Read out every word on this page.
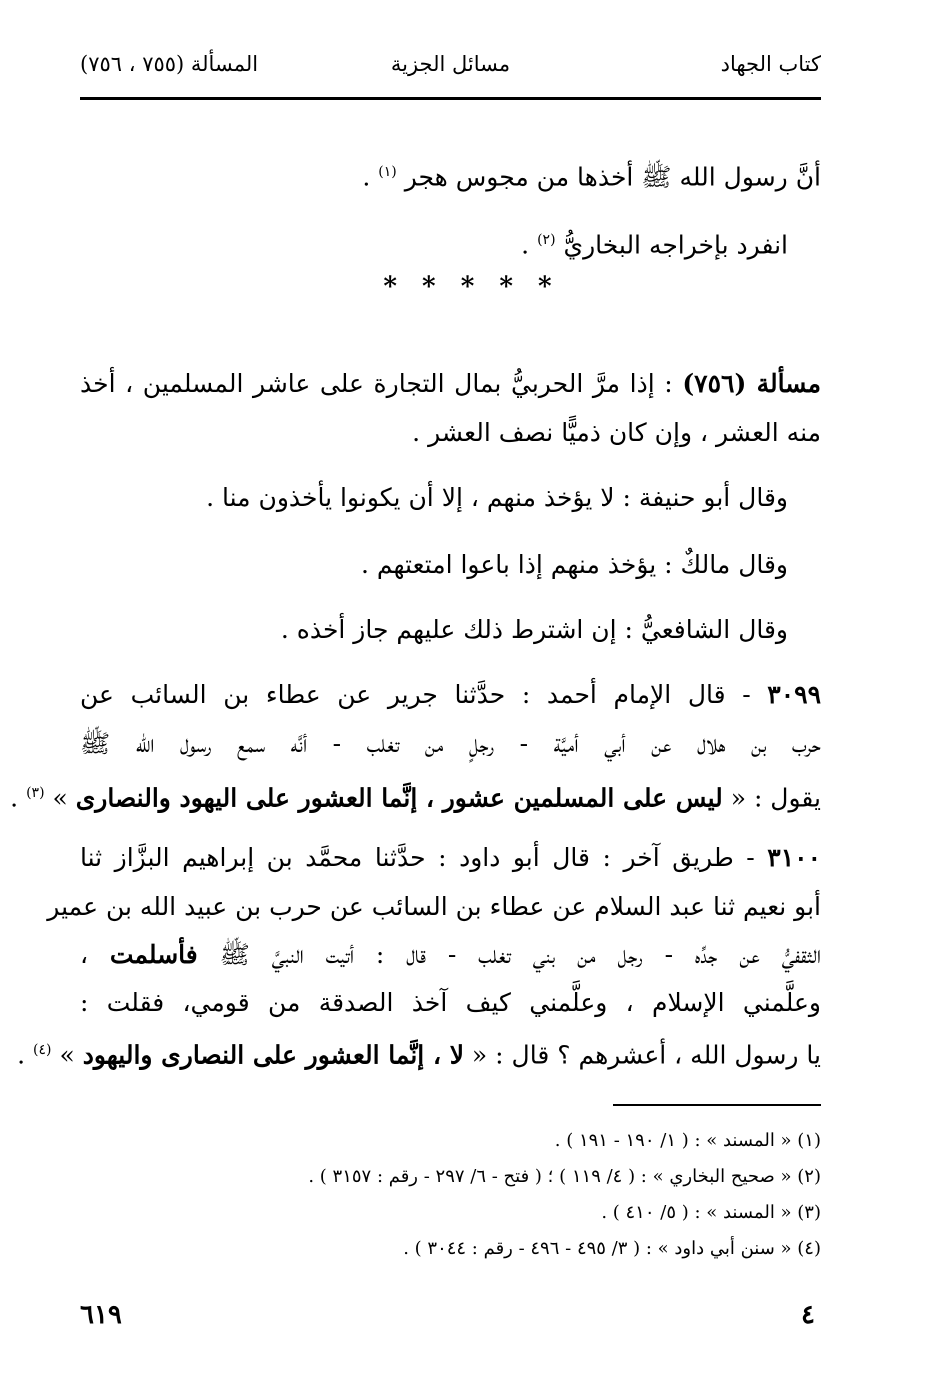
كتاب الجهاد
مسائل الجزية
المسألة (٧٥٥ ، ٧٥٦)
أنَّ رسول الله ﷺ أخذها من مجوس هجر $^{(١)}$ .
انفرد بإخراجه البخاريُّ $^{(٢)}$ .
* * * * *
مسألة (٧٥٦) : إذا مرَّ الحربيُّ بمال التجارة على عاشر المسلمين ، أخذ
منه العشر ، وإن كان ذميًّا نصف العشر .
وقال أبو حنيفة : لا يؤخذ منهم ، إلا أن يكونوا يأخذون منا .
وقال مالكٌ : يؤخذ منهم إذا باعوا امتعتهم .
وقال الشافعيُّ : إن اشترط ذلك عليهم جاز أخذه .
٣٠٩٩ - قال الإمام أحمد : حدَّثنا جرير عن عطاء بن السائب عن
حرب بن هلال عن أبي أميَّة - رجلٍ من تغلب - أنَّه سمع رسول الله ﷺ
يقول : « ليس على المسلمين عشور ، إنَّما العشور على اليهود والنصارى » $^{(٣)}$ .
٣١٠٠ - طريق آخر : قال أبو داود : حدَّثنا محمَّد بن إبراهيم البزَّاز ثنا
أبو نعيم ثنا عبد السلام عن عطاء بن السائب عن حرب بن عبيد الله بن عمير
الثقفيُّ عن جدِّه - رجل من بني تغلب - قال : أتيت النبيَّ ﷺ فأسلمت ،
وعلَّمني الإسلام ، وعلَّمني كيف آخذ الصدقة من قومي، فقلت :
يا رسول الله ، أعشرهم ؟ قال : « لا ، إنَّما العشور على النصارى واليهود » $^{(٤)}$ .
(١) « المسند » : ( ١/ ١٩٠ - ١٩١ ) .
(٢) « صحيح البخاري » : ( ٤/ ١١٩ ) ؛ ( فتح - ٦/ ٢٩٧ - رقم : ٣١٥٧ ) .
(٣) « المسند » : ( ٥/ ٤١٠ ) .
(٤) « سنن أبي داود » : ( ٣/ ٤٩٥ - ٤٩٦ - رقم : ٣٠٤٤ ) .
٤
٦١٩
